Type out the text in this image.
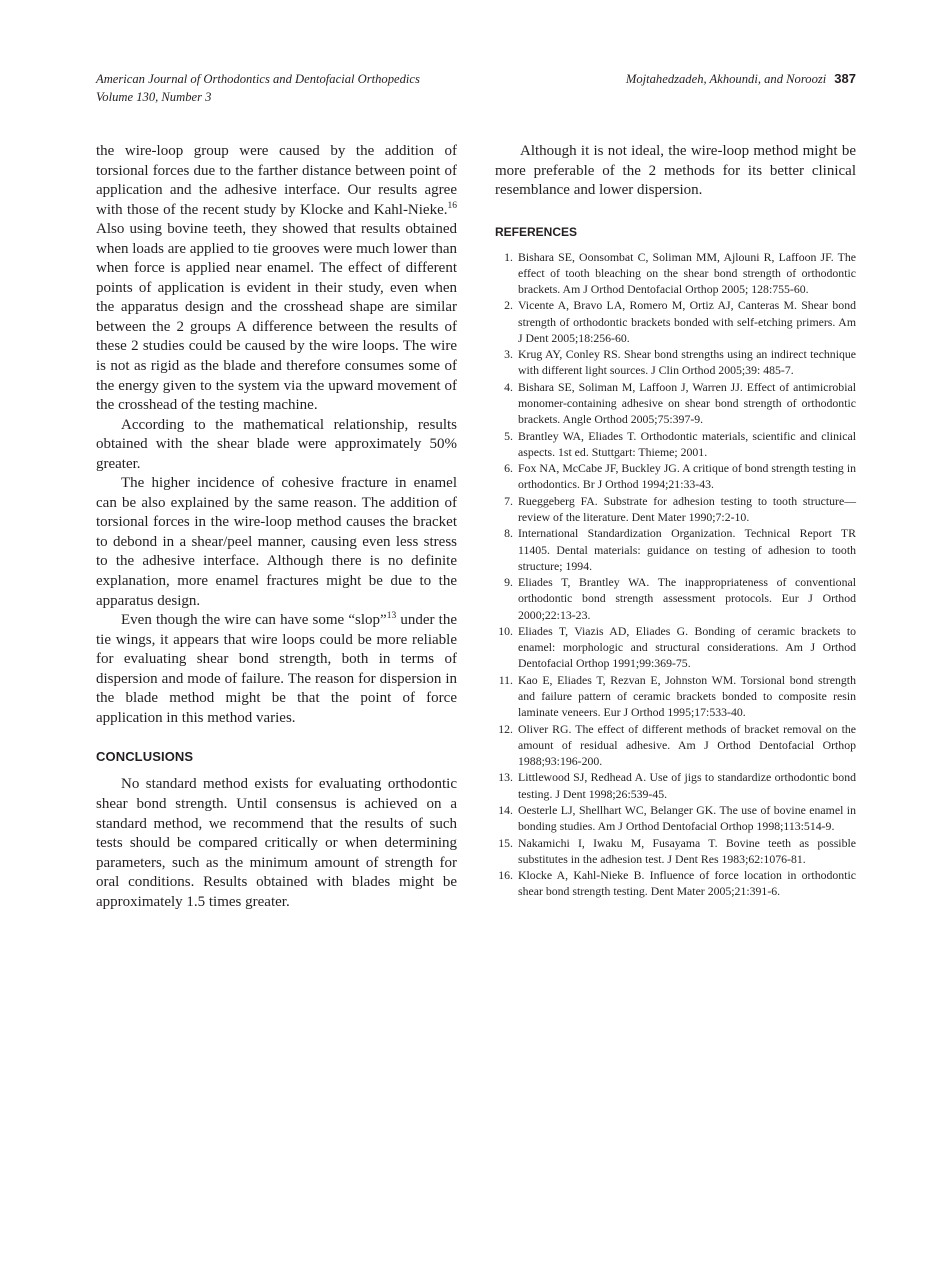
American Journal of Orthodontics and Dentofacial Orthopedics
Volume 130, Number 3
Mojtahedzadeh, Akhoundi, and Noroozi 387

the wire-loop group were caused by the addition of torsional forces due to the farther distance between point of application and the adhesive interface. Our results agree with those of the recent study by Klocke and Kahl-Nieke.$^{16}$ Also using bovine teeth, they showed that results obtained when loads are applied to tie grooves were much lower than when force is applied near enamel. The effect of different points of application is evident in their study, even when the apparatus design and the crosshead shape are similar between the 2 groups A difference between the results of these 2 studies could be caused by the wire loops. The wire is not as rigid as the blade and therefore consumes some of the energy given to the system via the upward movement of the crosshead of the testing machine.

According to the mathematical relationship, results obtained with the shear blade were approximately 50% greater.

The higher incidence of cohesive fracture in enamel can be also explained by the same reason. The addition of torsional forces in the wire-loop method causes the bracket to debond in a shear/peel manner, causing even less stress to the adhesive interface. Although there is no definite explanation, more enamel fractures might be due to the apparatus design.

Even though the wire can have some “slop”$^{13}$ under the tie wings, it appears that wire loops could be more reliable for evaluating shear bond strength, both in terms of dispersion and mode of failure. The reason for dispersion in the blade method might be that the point of force application in this method varies.

CONCLUSIONS

No standard method exists for evaluating orthodontic shear bond strength. Until consensus is achieved on a standard method, we recommend that the results of such tests should be compared critically or when determining parameters, such as the minimum amount of strength for oral conditions. Results obtained with blades might be approximately 1.5 times greater.

Although it is not ideal, the wire-loop method might be more preferable of the 2 methods for its better clinical resemblance and lower dispersion.

REFERENCES
1. Bishara SE, Oonsombat C, Soliman MM, Ajlouni R, Laffoon JF. The effect of tooth bleaching on the shear bond strength of orthodontic brackets. Am J Orthod Dentofacial Orthop 2005; 128:755-60.
2. Vicente A, Bravo LA, Romero M, Ortiz AJ, Canteras M. Shear bond strength of orthodontic brackets bonded with self-etching primers. Am J Dent 2005;18:256-60.
3. Krug AY, Conley RS. Shear bond strengths using an indirect technique with different light sources. J Clin Orthod 2005;39: 485-7.
4. Bishara SE, Soliman M, Laffoon J, Warren JJ. Effect of antimicrobial monomer-containing adhesive on shear bond strength of orthodontic brackets. Angle Orthod 2005;75:397-9.
5. Brantley WA, Eliades T. Orthodontic materials, scientific and clinical aspects. 1st ed. Stuttgart: Thieme; 2001.
6. Fox NA, McCabe JF, Buckley JG. A critique of bond strength testing in orthodontics. Br J Orthod 1994;21:33-43.
7. Rueggeberg FA. Substrate for adhesion testing to tooth structure—review of the literature. Dent Mater 1990;7:2-10.
8. International Standardization Organization. Technical Report TR 11405. Dental materials: guidance on testing of adhesion to tooth structure; 1994.
9. Eliades T, Brantley WA. The inappropriateness of conventional orthodontic bond strength assessment protocols. Eur J Orthod 2000;22:13-23.
10. Eliades T, Viazis AD, Eliades G. Bonding of ceramic brackets to enamel: morphologic and structural considerations. Am J Orthod Dentofacial Orthop 1991;99:369-75.
11. Kao E, Eliades T, Rezvan E, Johnston WM. Torsional bond strength and failure pattern of ceramic brackets bonded to composite resin laminate veneers. Eur J Orthod 1995;17:533-40.
12. Oliver RG. The effect of different methods of bracket removal on the amount of residual adhesive. Am J Orthod Dentofacial Orthop 1988;93:196-200.
13. Littlewood SJ, Redhead A. Use of jigs to standardize orthodontic bond testing. J Dent 1998;26:539-45.
14. Oesterle LJ, Shellhart WC, Belanger GK. The use of bovine enamel in bonding studies. Am J Orthod Dentofacial Orthop 1998;113:514-9.
15. Nakamichi I, Iwaku M, Fusayama T. Bovine teeth as possible substitutes in the adhesion test. J Dent Res 1983;62:1076-81.
16. Klocke A, Kahl-Nieke B. Influence of force location in orthodontic shear bond strength testing. Dent Mater 2005;21:391-6.
